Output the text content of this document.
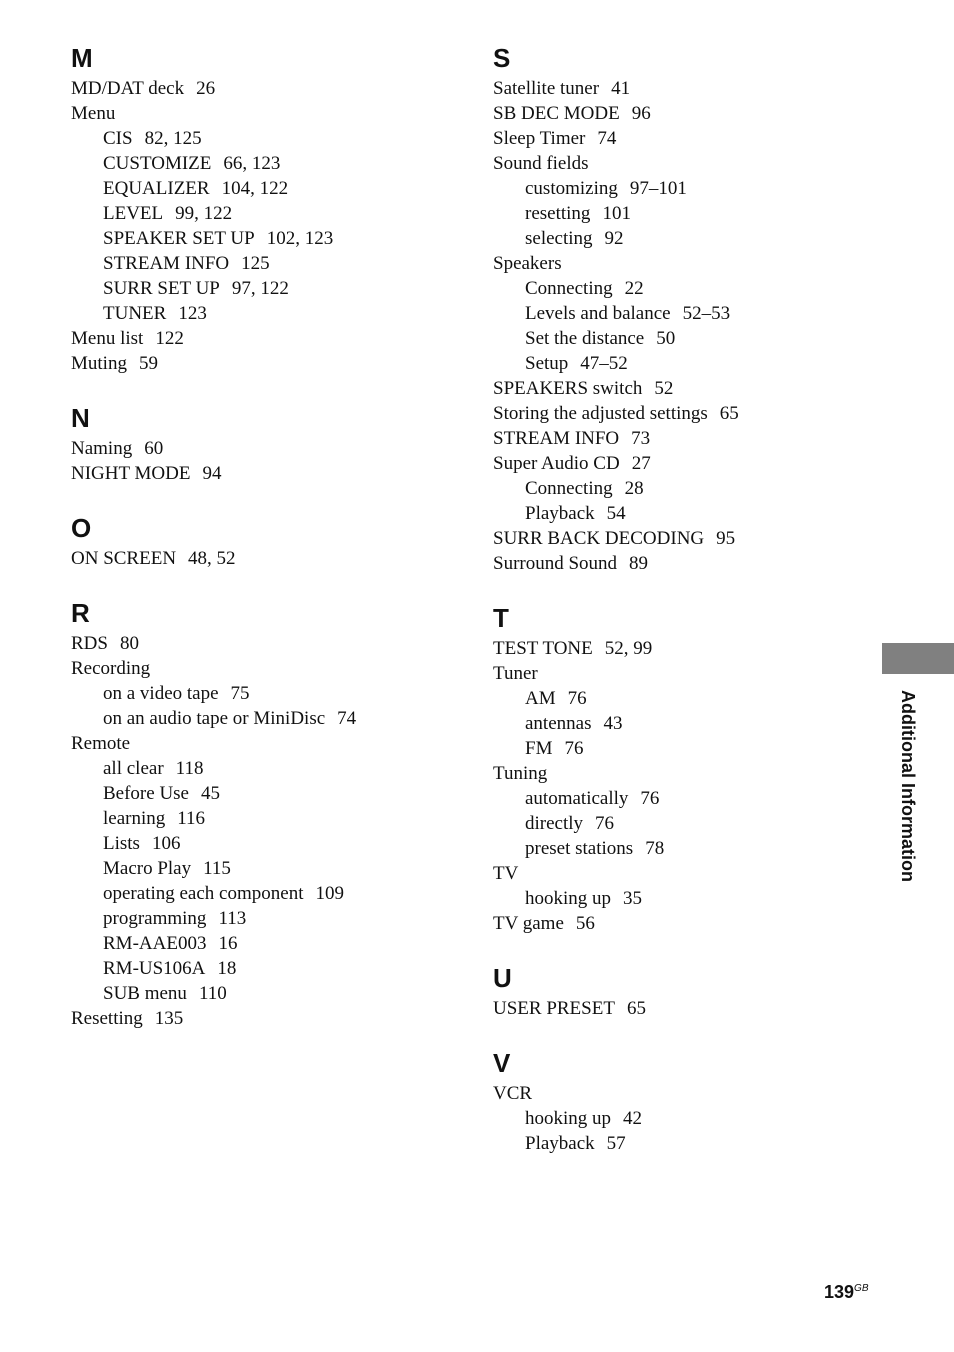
M
MD/DAT deck 26
Menu
CIS 82, 125
CUSTOMIZE 66, 123
EQUALIZER 104, 122
LEVEL 99, 122
SPEAKER SET UP 102, 123
STREAM INFO 125
SURR SET UP 97, 122
TUNER 123
Menu list 122
Muting 59
N
Naming 60
NIGHT MODE 94
O
ON SCREEN 48, 52
R
RDS 80
Recording
on a video tape 75
on an audio tape or MiniDisc 74
Remote
all clear 118
Before Use 45
learning 116
Lists 106
Macro Play 115
operating each component 109
programming 113
RM-AAE003 16
RM-US106A 18
SUB menu 110
Resetting 135
S
Satellite tuner 41
SB DEC MODE 96
Sleep Timer 74
Sound fields
customizing 97–101
resetting 101
selecting 92
Speakers
Connecting 22
Levels and balance 52–53
Set the distance 50
Setup 47–52
SPEAKERS switch 52
Storing the adjusted settings 65
STREAM INFO 73
Super Audio CD 27
Connecting 28
Playback 54
SURR BACK DECODING 95
Surround Sound 89
T
TEST TONE 52, 99
Tuner
AM 76
antennas 43
FM 76
Tuning
automatically 76
directly 76
preset stations 78
TV
hooking up 35
TV game 56
U
USER PRESET 65
V
VCR
hooking up 42
Playback 57
Additional Information
$139^{GB}$
